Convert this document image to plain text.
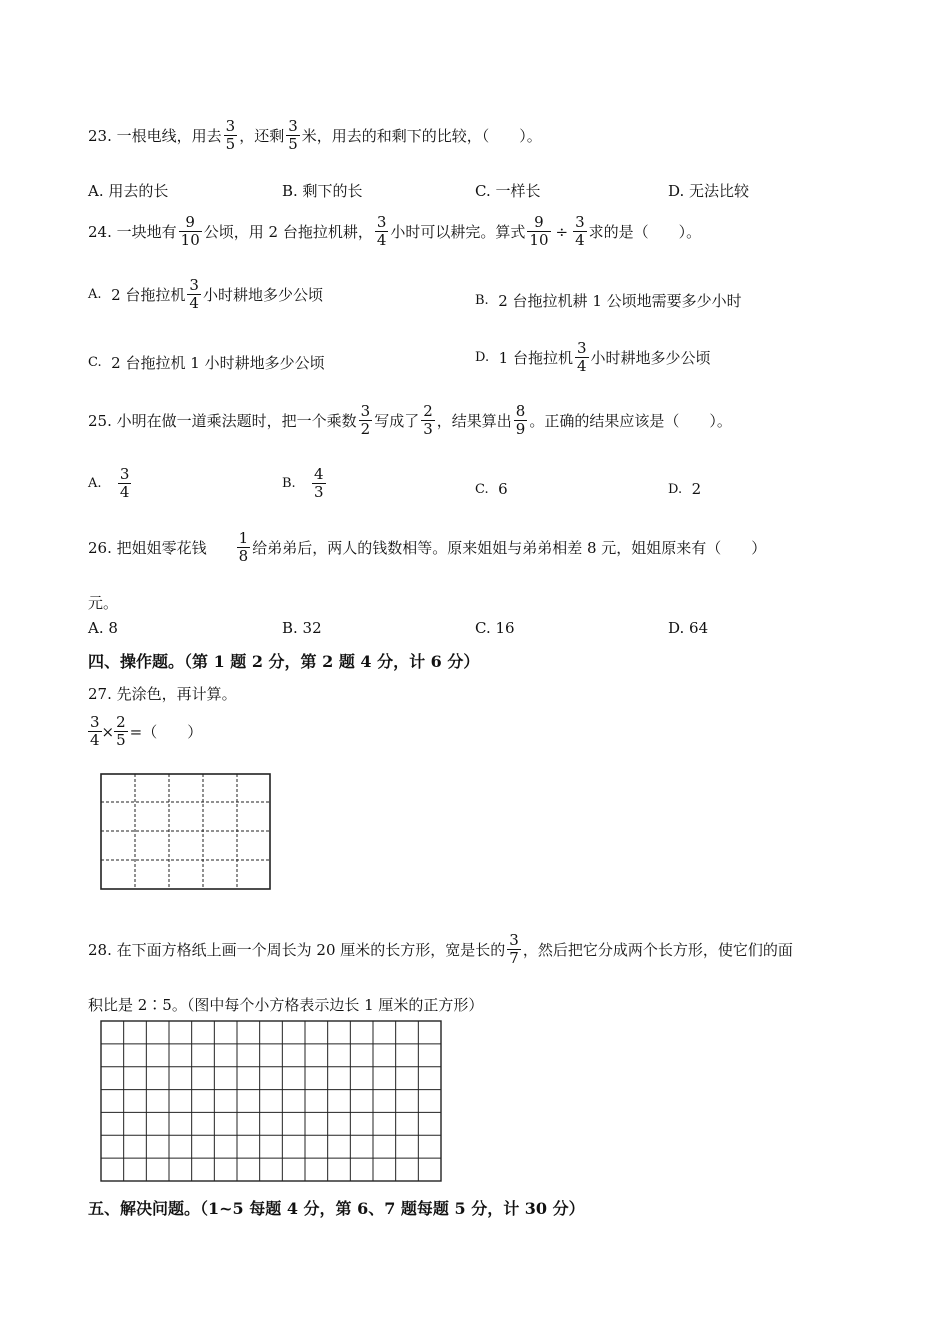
23.
一根电线，用去 $\frac{3}{5}$ ，还剩 $\frac{3}{5}$ 米，用去的和剩下的比较，（　　）。
A. 用去的长	B. 剩下的长	C. 一样长	D. 无法比较
24.
一块地有 $\frac{9}{10}$ 公顷，用 2 台拖拉机耕， $\frac{3}{4}$ 小时可以耕完。算式 $\frac{9}{10} \div \frac{3}{4}$ 求的是（　　）。
A.
2 台拖拉机 $\frac{3}{4}$ 小时耕地多少公顷	B.
2 台拖拉机耕 1 公顷地需要多少小时
C.
2 台拖拉机 1 小时耕地多少公顷	D.
1 台拖拉机 $\frac{3}{4}$ 小时耕地多少公顷
25.
小明在做一道乘法题时，把一个乘数 $\frac{3}{2}$ 写成了 $\frac{2}{3}$ ，结果算出 $\frac{8}{9}$ 。正确的结果应该是（　　）。
A.
$\frac{3}{4}$	B.
$\frac{4}{3}$	C.
6	D.
2
26.
把姐姐零花钱 $\frac{1}{8}$ 给弟弟后，两人的钱数相等。原来姐姐与弟弟相差 8 元，姐姐原来有（　　）
元。
A. 8	B. 32	C. 16	D. 64
四、操作题。（第 1 题 2 分，第 2 题 4 分，计 6 分）
27.
先涂色，再计算。
$\frac{3}{4} \times \frac{2}{5}$ =（　　）
28.
在下面方格纸上画一个周长为 20 厘米的长方形，宽是长的 $\frac{3}{7}$ ，然后把它分成两个长方形，使它们的面
积比是 2∶5。（图中每个小方格表示边长 1 厘米的正方形）
五、解决问题。（1~5 每题 4 分，第 6、7 题每题 5 分，计 30 分）
